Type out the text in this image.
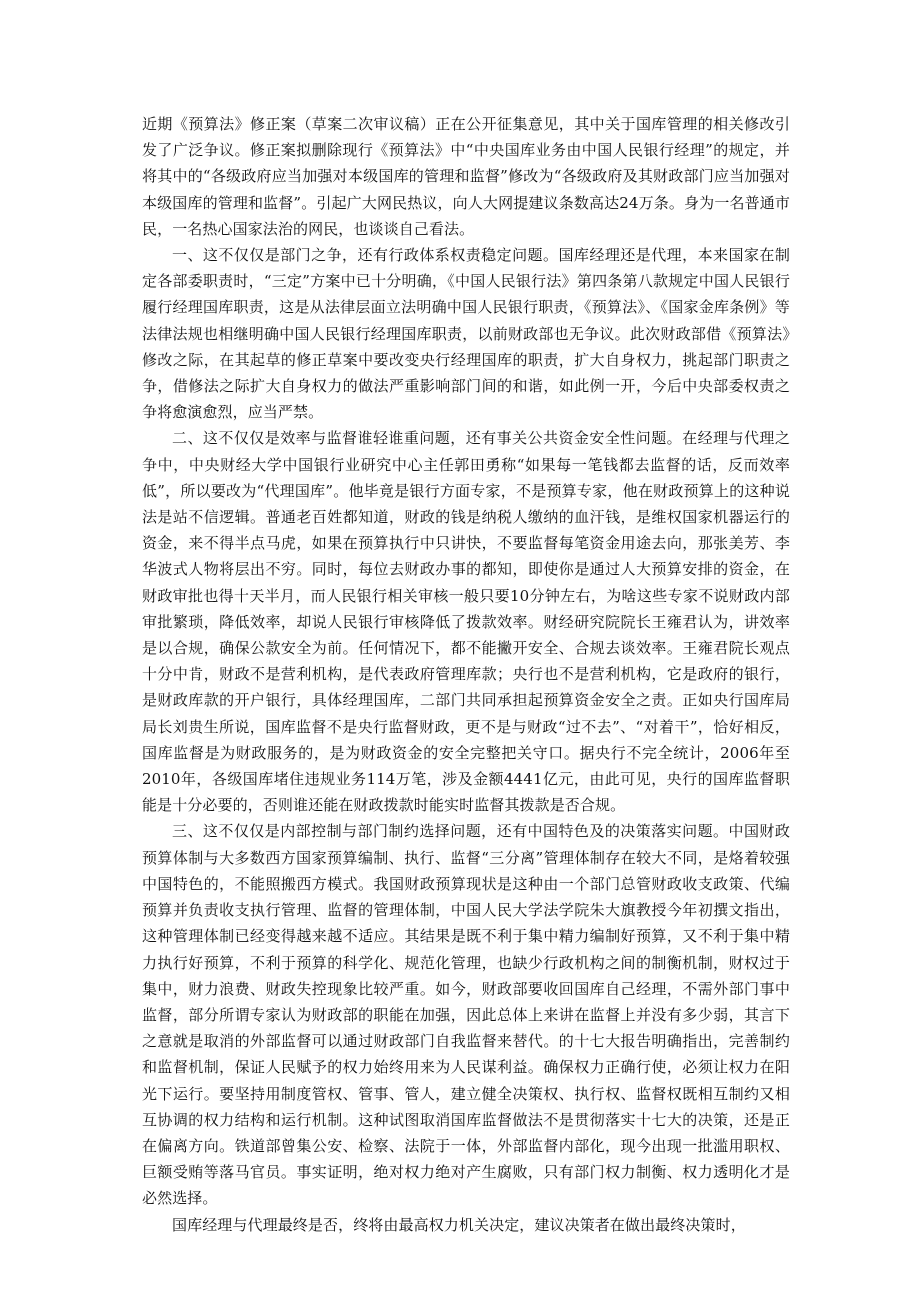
近期《预算法》修正案（草案二次审议稿）正在公开征集意见，其中关于国库管理的相关修改引发了广泛争议。修正案拟删除现行《预算法》中“中央国库业务由中国人民银行经理”的规定，并将其中的“各级政府应当加强对本级国库的管理和监督”修改为“各级政府及其财政部门应当加强对本级国库的管理和监督”。引起广大网民热议，向人大网提建议条数高达24万条。身为一名普通市民，一名热心国家法治的网民，也谈谈自己看法。

一、这不仅仅是部门之争，还有行政体系权责稳定问题。国库经理还是代理，本来国家在制定各部委职责时，“三定”方案中已十分明确，《中国人民银行法》第四条第八款规定中国人民银行履行经理国库职责，这是从法律层面立法明确中国人民银行职责，《预算法》、《国家金库条例》等法律法规也相继明确中国人民银行经理国库职责，以前财政部也无争议。此次财政部借《预算法》修改之际，在其起草的修正草案中要改变央行经理国库的职责，扩大自身权力，挑起部门职责之争，借修法之际扩大自身权力的做法严重影响部门间的和谐，如此例一开，今后中央部委权责之争将愈演愈烈，应当严禁。

二、这不仅仅是效率与监督谁轻谁重问题，还有事关公共资金安全性问题。在经理与代理之争中，中央财经大学中国银行业研究中心主任郭田勇称“如果每一笔钱都去监督的话，反而效率低”，所以要改为“代理国库”。他毕竟是银行方面专家，不是预算专家，他在财政预算上的这种说法是站不信逻辑。普通老百姓都知道，财政的钱是纳税人缴纳的血汗钱，是维权国家机器运行的资金，来不得半点马虎，如果在预算执行中只讲快，不要监督每笔资金用途去向，那张美芳、李华波式人物将层出不穷。同时，每位去财政办事的都知，即使你是通过人大预算安排的资金，在财政审批也得十天半月，而人民银行相关审核一般只要10分钟左右，为啥这些专家不说财政内部审批繁琐，降低效率，却说人民银行审核降低了拨款效率。财经研究院院长王雍君认为，讲效率是以合规，确保公款安全为前。任何情况下，都不能撇开安全、合规去谈效率。王雍君院长观点十分中肯，财政不是营利机构，是代表政府管理库款；央行也不是营利机构，它是政府的银行，是财政库款的开户银行，具体经理国库，二部门共同承担起预算资金安全之责。正如央行国库局局长刘贵生所说，国库监督不是央行监督财政，更不是与财政“过不去”、“对着干”，恰好相反，国库监督是为财政服务的，是为财政资金的安全完整把关守口。据央行不完全统计，2006年至2010年，各级国库堵住违规业务114万笔，涉及金额4441亿元，由此可见，央行的国库监督职能是十分必要的，否则谁还能在财政拨款时能实时监督其拨款是否合规。

三、这不仅仅是内部控制与部门制约选择问题，还有中国特色及的决策落实问题。中国财政预算体制与大多数西方国家预算编制、执行、监督“三分离”管理体制存在较大不同，是烙着较强中国特色的，不能照搬西方模式。我国财政预算现状是这种由一个部门总管财政收支政策、代编预算并负责收支执行管理、监督的管理体制，中国人民大学法学院朱大旗教授今年初撰文指出，这种管理体制已经变得越来越不适应。其结果是既不利于集中精力编制好预算，又不利于集中精力执行好预算，不利于预算的科学化、规范化管理，也缺少行政机构之间的制衡机制，财权过于集中，财力浪费、财政失控现象比较严重。如今，财政部要收回国库自己经理，不需外部门事中监督，部分所谓专家认为财政部的职能在加强，因此总体上来讲在监督上并没有多少弱，其言下之意就是取消的外部监督可以通过财政部门自我监督来替代。的十七大报告明确指出，完善制约和监督机制，保证人民赋予的权力始终用来为人民谋利益。确保权力正确行使，必须让权力在阳光下运行。要坚持用制度管权、管事、管人，建立健全决策权、执行权、监督权既相互制约又相互协调的权力结构和运行机制。这种试图取消国库监督做法不是贯彻落实十七大的决策，还是正在偏离方向。铁道部曾集公安、检察、法院于一体，外部监督内部化，现今出现一批滥用职权、巨额受贿等落马官员。事实证明，绝对权力绝对产生腐败，只有部门权力制衡、权力透明化才是必然选择。

国库经理与代理最终是否，终将由最高权力机关决定，建议决策者在做出最终决策时，
